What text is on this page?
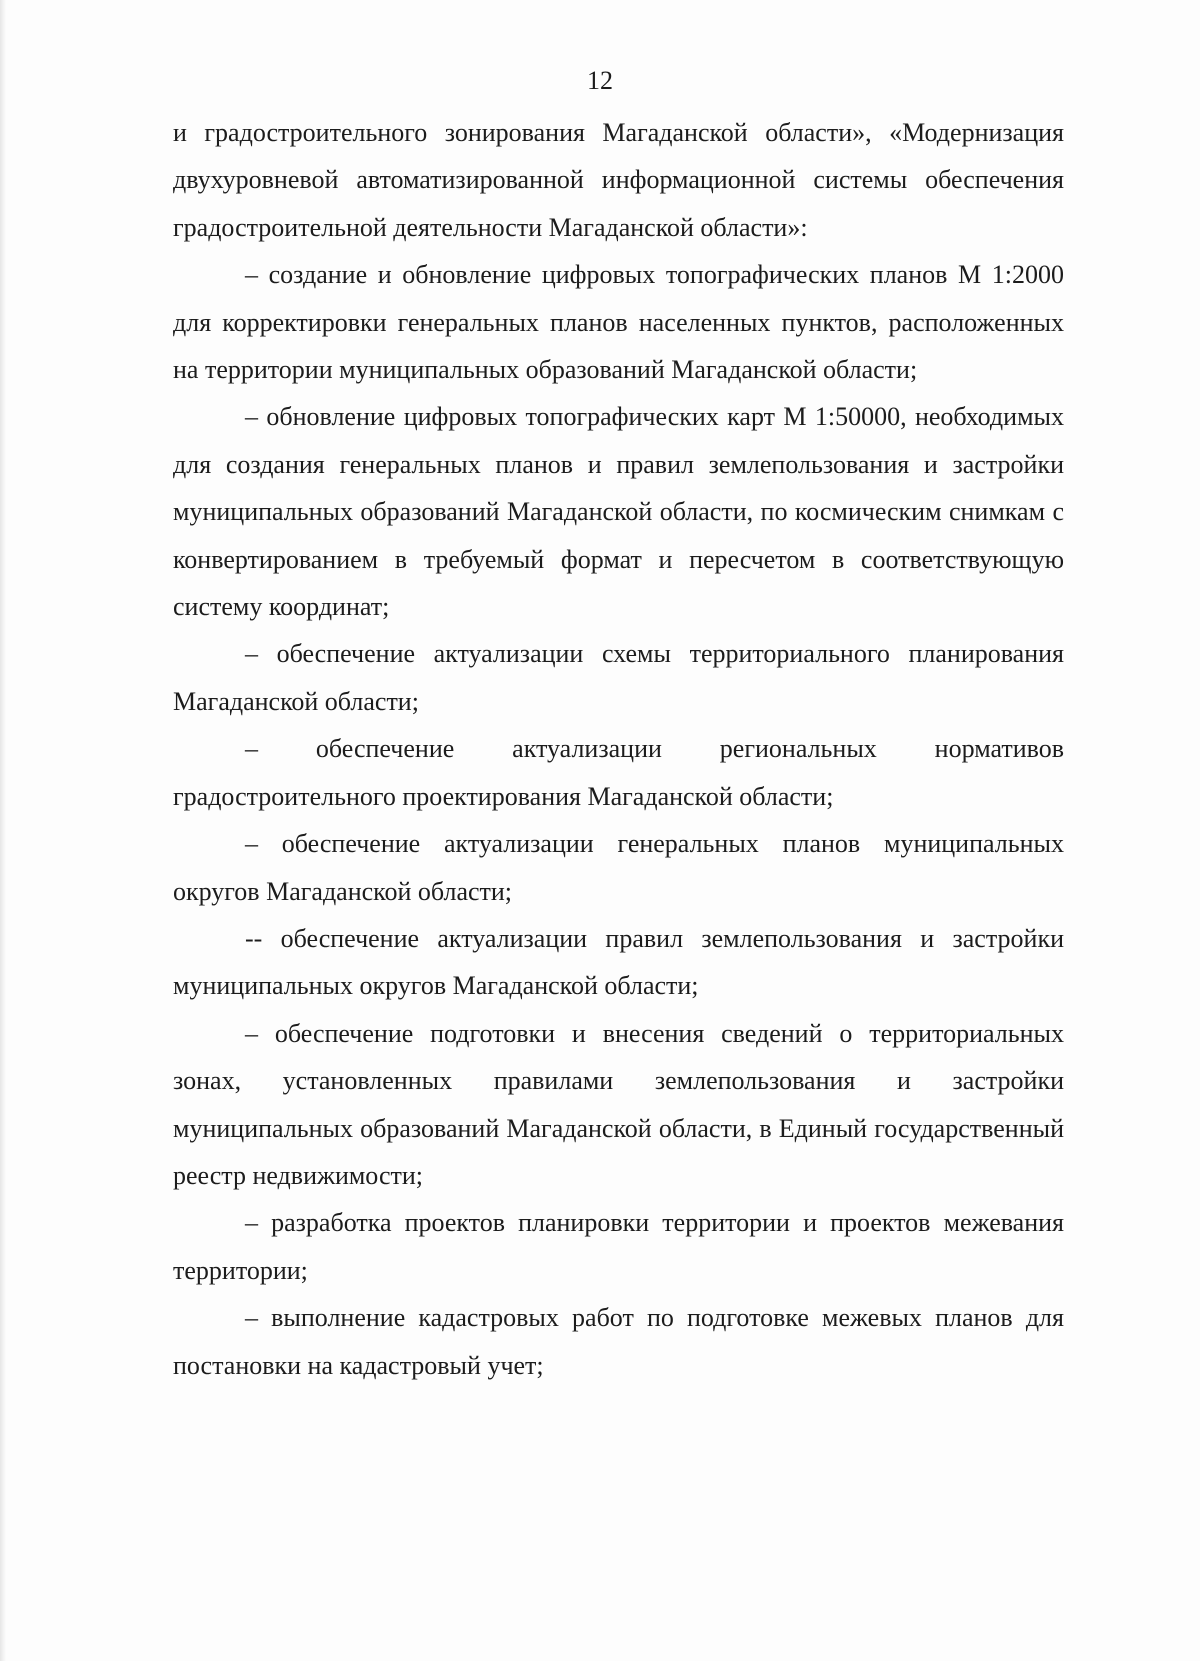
12

и градостроительного зонирования Магаданской области», «Модернизация двухуровневой автоматизированной информационной системы обеспечения градостроительной деятельности Магаданской области»:

– создание и обновление цифровых топографических планов М 1:2000 для корректировки генеральных планов населенных пунктов, расположенных на территории муниципальных образований Магаданской области;

– обновление цифровых топографических карт М 1:50000, необходимых для создания генеральных планов и правил землепользования и застройки муниципальных образований Магаданской области, по космическим снимкам с конвертированием в требуемый формат и пересчетом в соответствующую систему координат;

– обеспечение актуализации схемы территориального планирования Магаданской области;

– обеспечение актуализации региональных нормативов градостроительного проектирования Магаданской области;

– обеспечение актуализации генеральных планов муниципальных округов Магаданской области;

-- обеспечение актуализации правил землепользования и застройки муниципальных округов Магаданской области;

– обеспечение подготовки и внесения сведений о территориальных зонах, установленных правилами землепользования и застройки муниципальных образований Магаданской области, в Единый государственный реестр недвижимости;

– разработка проектов планировки территории и проектов межевания территории;

– выполнение кадастровых работ по подготовке межевых планов для постановки на кадастровый учет;
